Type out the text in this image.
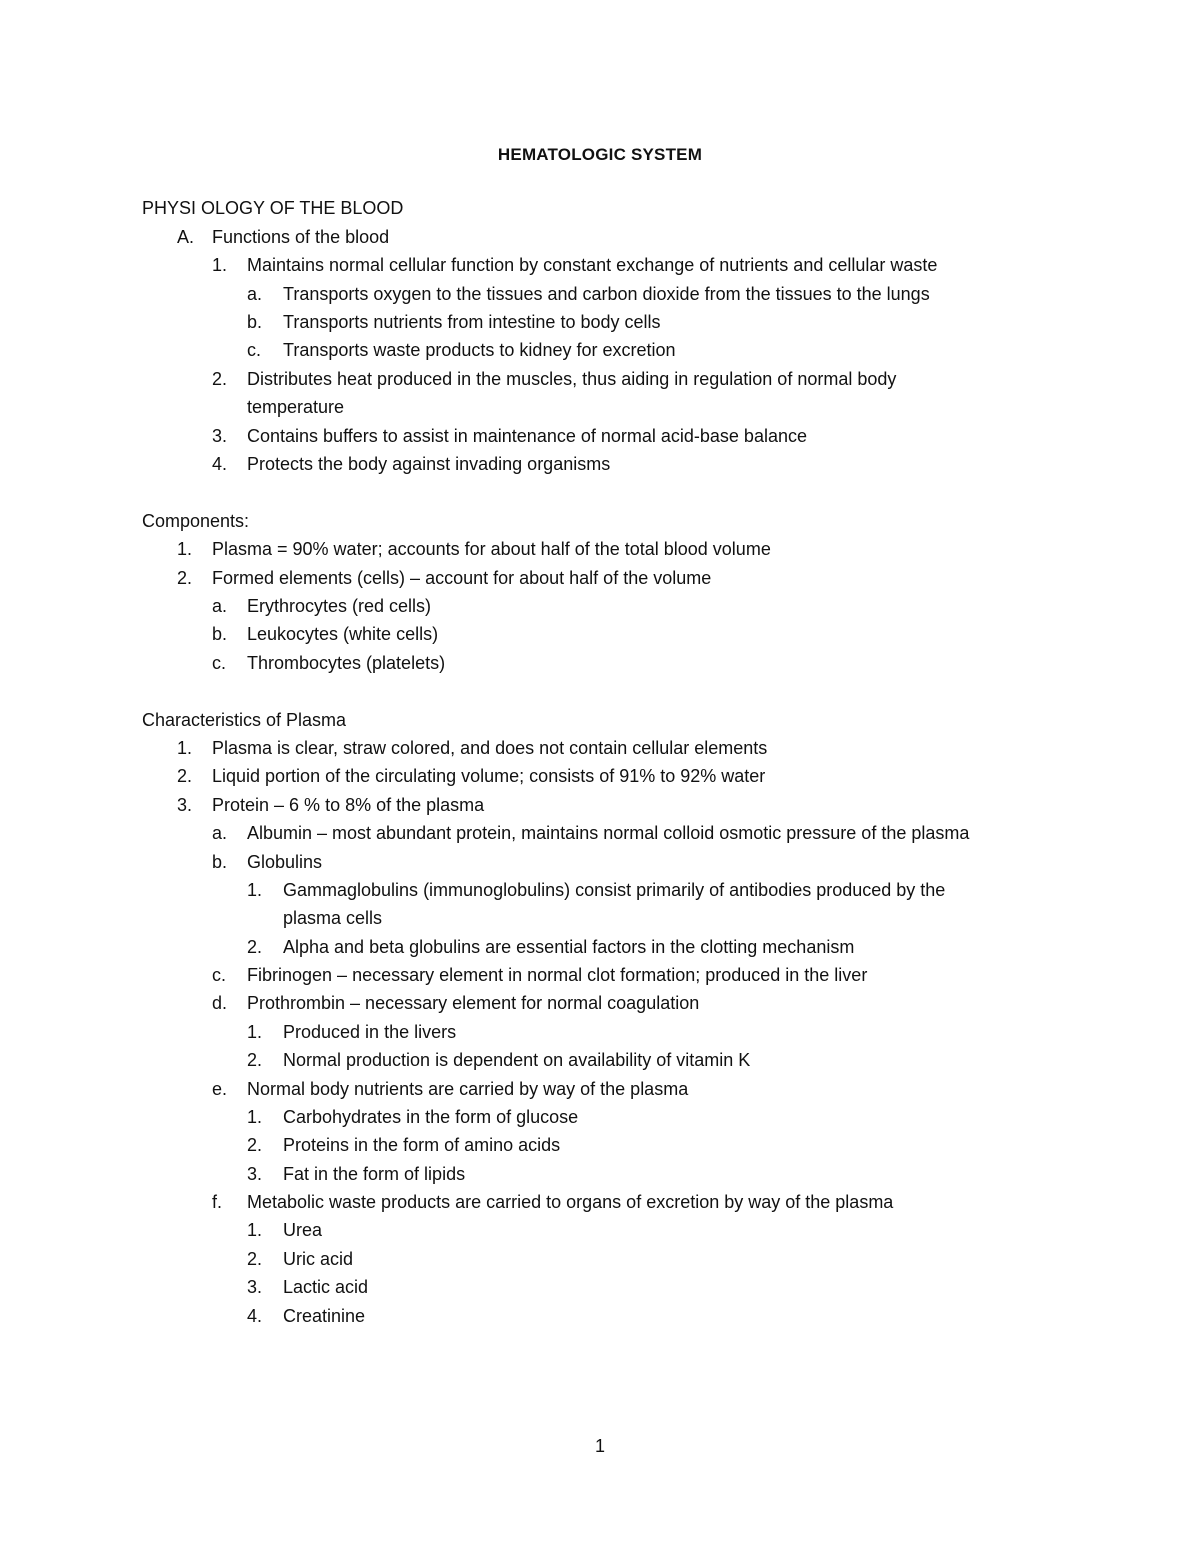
HEMATOLOGIC SYSTEM
PHYSI OLOGY OF THE BLOOD
A. Functions of the blood
1. Maintains normal cellular function by constant exchange of nutrients and cellular waste
a. Transports oxygen to the tissues and carbon dioxide from the tissues to the lungs
b. Transports nutrients from intestine to body cells
c. Transports waste products to kidney for excretion
2. Distributes heat produced in the muscles, thus aiding in regulation of normal body
temperature
3. Contains buffers to assist in maintenance of normal acid-base balance
4. Protects the body against invading organisms
Components:
1. Plasma = 90% water; accounts for about half of the total blood volume
2. Formed elements (cells) – account for about half of the volume
a. Erythrocytes (red cells)
b. Leukocytes (white cells)
c. Thrombocytes (platelets)
Characteristics of Plasma
1. Plasma is clear, straw colored, and does not contain cellular elements
2. Liquid portion of the circulating volume; consists of 91% to 92% water
3. Protein – 6 % to 8% of the plasma
a. Albumin – most abundant protein, maintains normal colloid osmotic pressure of the plasma
b. Globulins
1. Gammaglobulins (immunoglobulins) consist primarily of antibodies produced by the
plasma cells
2. Alpha and beta globulins are essential factors in the clotting mechanism
c. Fibrinogen – necessary element in normal clot formation; produced in the liver
d. Prothrombin – necessary element for normal coagulation
1. Produced in the livers
2. Normal production is dependent on availability of vitamin K
e. Normal body nutrients are carried by way of the plasma
1. Carbohydrates in the form of glucose
2. Proteins in the form of amino acids
3. Fat in the form of lipids
f. Metabolic waste products are carried to organs of excretion by way of the plasma
1. Urea
2. Uric acid
3. Lactic acid
4. Creatinine
1
